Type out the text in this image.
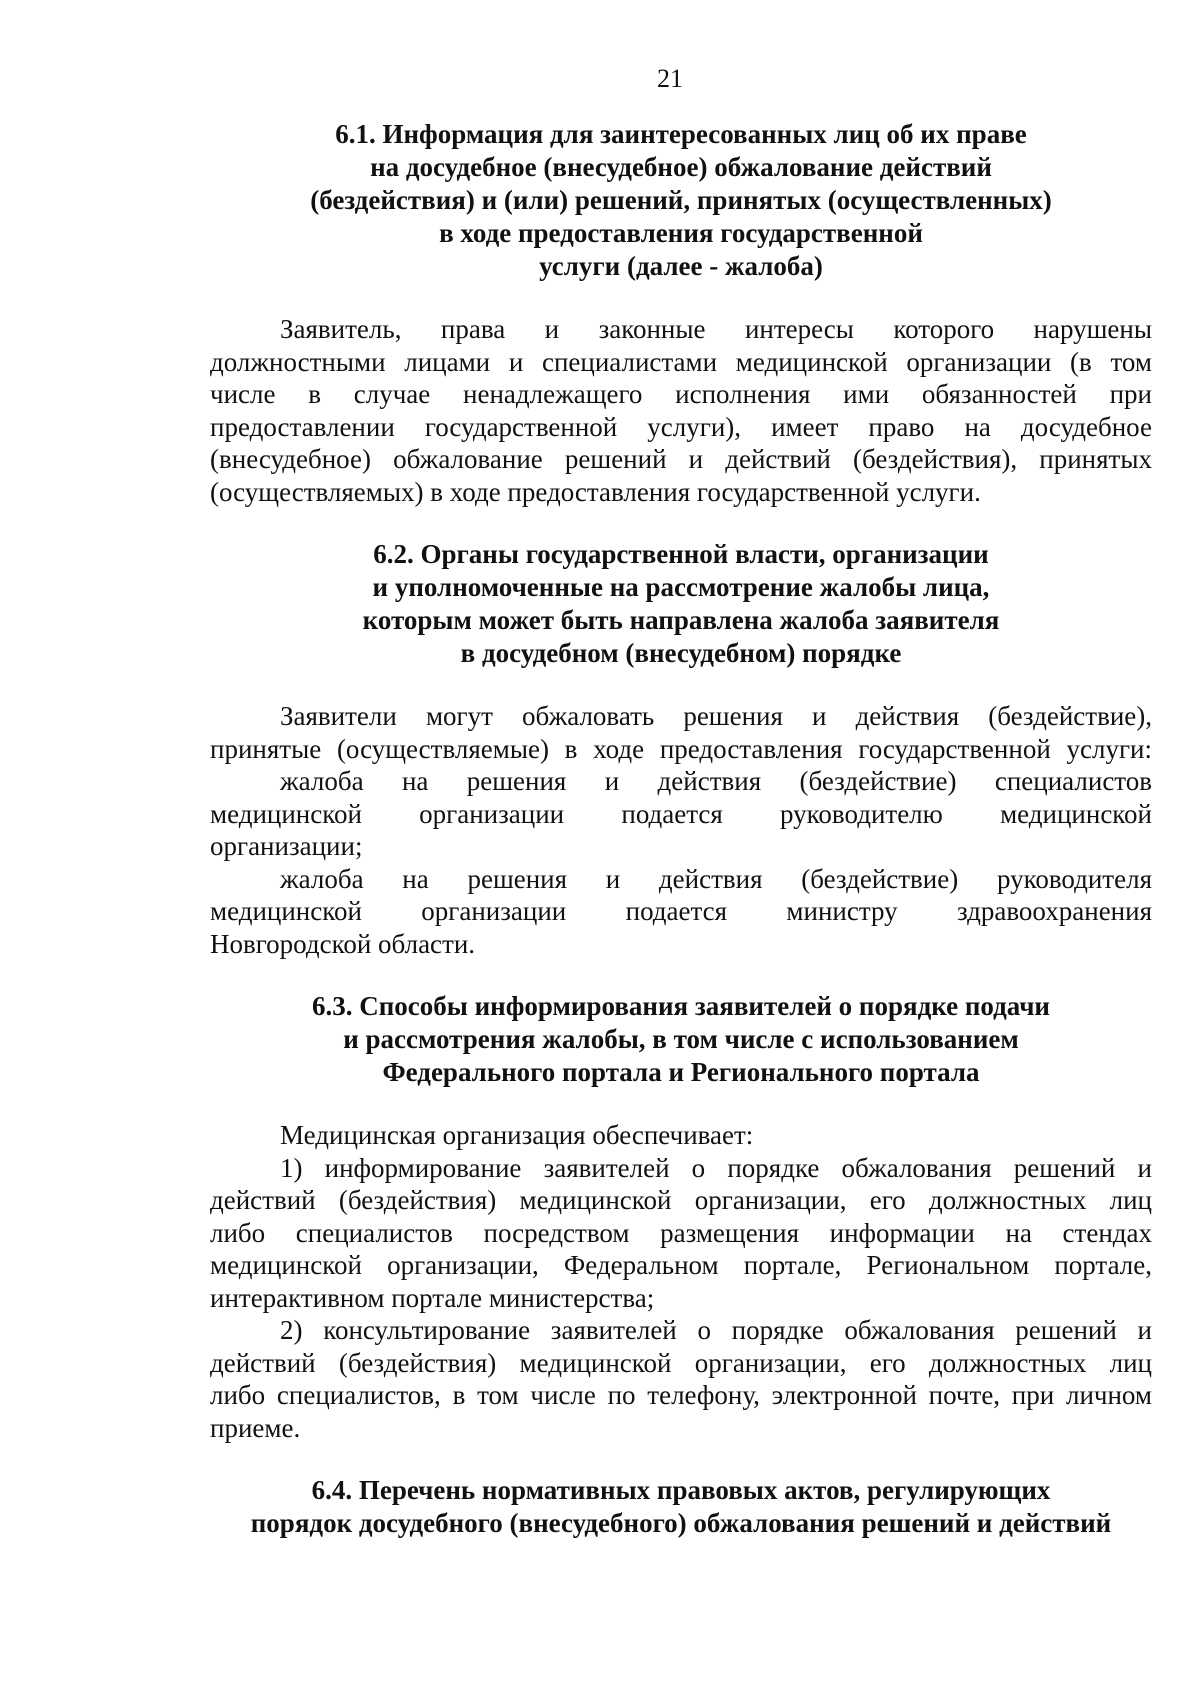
21
6.1. Информация для заинтересованных лиц об их праве
на досудебное (внесудебное) обжалование действий
(бездействия) и (или) решений, принятых (осуществленных)
в ходе предоставления государственной
услуги (далее - жалоба)
Заявитель, права и законные интересы которого нарушены
должностными лицами и специалистами медицинской организации (в том
числе в случае ненадлежащего исполнения ими обязанностей при
предоставлении государственной услуги), имеет право на досудебное
(внесудебное) обжалование решений и действий (бездействия), принятых
(осуществляемых) в ходе предоставления государственной услуги.
6.2. Органы государственной власти, организации
и уполномоченные на рассмотрение жалобы лица,
которым может быть направлена жалоба заявителя
в досудебном (внесудебном) порядке
Заявители могут обжаловать решения и действия (бездействие),
принятые (осуществляемые) в ходе предоставления государственной услуги:
жалоба на решения и действия (бездействие) специалистов
медицинской организации подается руководителю медицинской
организации;
жалоба на решения и действия (бездействие) руководителя
медицинской организации подается министру здравоохранения
Новгородской области.
6.3. Способы информирования заявителей о порядке подачи
и рассмотрения жалобы, в том числе с использованием
Федерального портала и Регионального портала
Медицинская организация обеспечивает:
1) информирование заявителей о порядке обжалования решений и
действий (бездействия) медицинской организации, его должностных лиц
либо специалистов посредством размещения информации на стендах
медицинской организации, Федеральном портале, Региональном портале,
интерактивном портале министерства;
2) консультирование заявителей о порядке обжалования решений и
действий (бездействия) медицинской организации, его должностных лиц
либо специалистов, в том числе по телефону, электронной почте, при личном
приеме.
6.4. Перечень нормативных правовых актов, регулирующих
порядок досудебного (внесудебного) обжалования решений и действий
